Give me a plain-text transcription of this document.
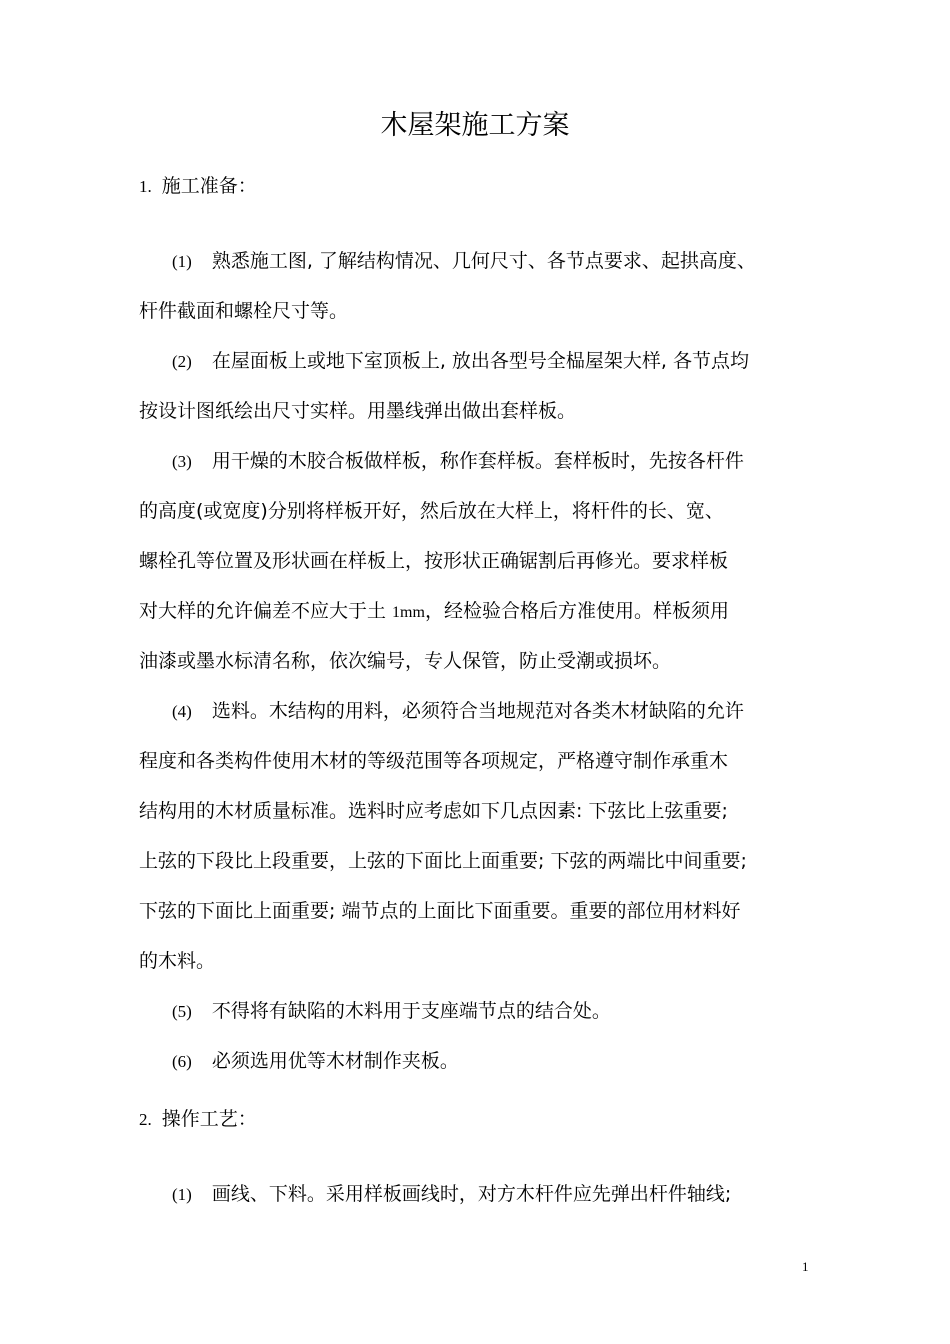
木屋架施工方案
1. 施工准备：
(1) 熟悉施工图, 了解结构情况、几何尺寸、各节点要求、起拱高度、
杆件截面和螺栓尺寸等。
(2) 在屋面板上或地下室顶板上, 放出各型号全榀屋架大样, 各节点均
按设计图纸绘出尺寸实样。用墨线弹出做出套样板。
(3) 用干燥的木胶合板做样板，称作套样板。套样板时，先按各杆件
的高度(或宽度)分别将样板开好，然后放在大样上，将杆件的长、宽、
螺栓孔等位置及形状画在样板上，按形状正确锯割后再修光。要求样板
对大样的允许偏差不应大于土 1mm，经检验合格后方准使用。样板须用
油漆或墨水标清名称，依次编号，专人保管，防止受潮或损坏。
(4) 选料。木结构的用料，必须符合当地规范对各类木材缺陷的允许
程度和各类构件使用木材的等级范围等各项规定，严格遵守制作承重木
结构用的木材质量标准。选料时应考虑如下几点因素: 下弦比上弦重要;
上弦的下段比上段重要，上弦的下面比上面重要; 下弦的两端比中间重要;
下弦的下面比上面重要; 端节点的上面比下面重要。重要的部位用材料好
的木料。
(5) 不得将有缺陷的木料用于支座端节点的结合处。
(6) 必须选用优等木材制作夹板。
2. 操作工艺：
(1) 画线、下料。采用样板画线时，对方木杆件应先弹出杆件轴线;
1
